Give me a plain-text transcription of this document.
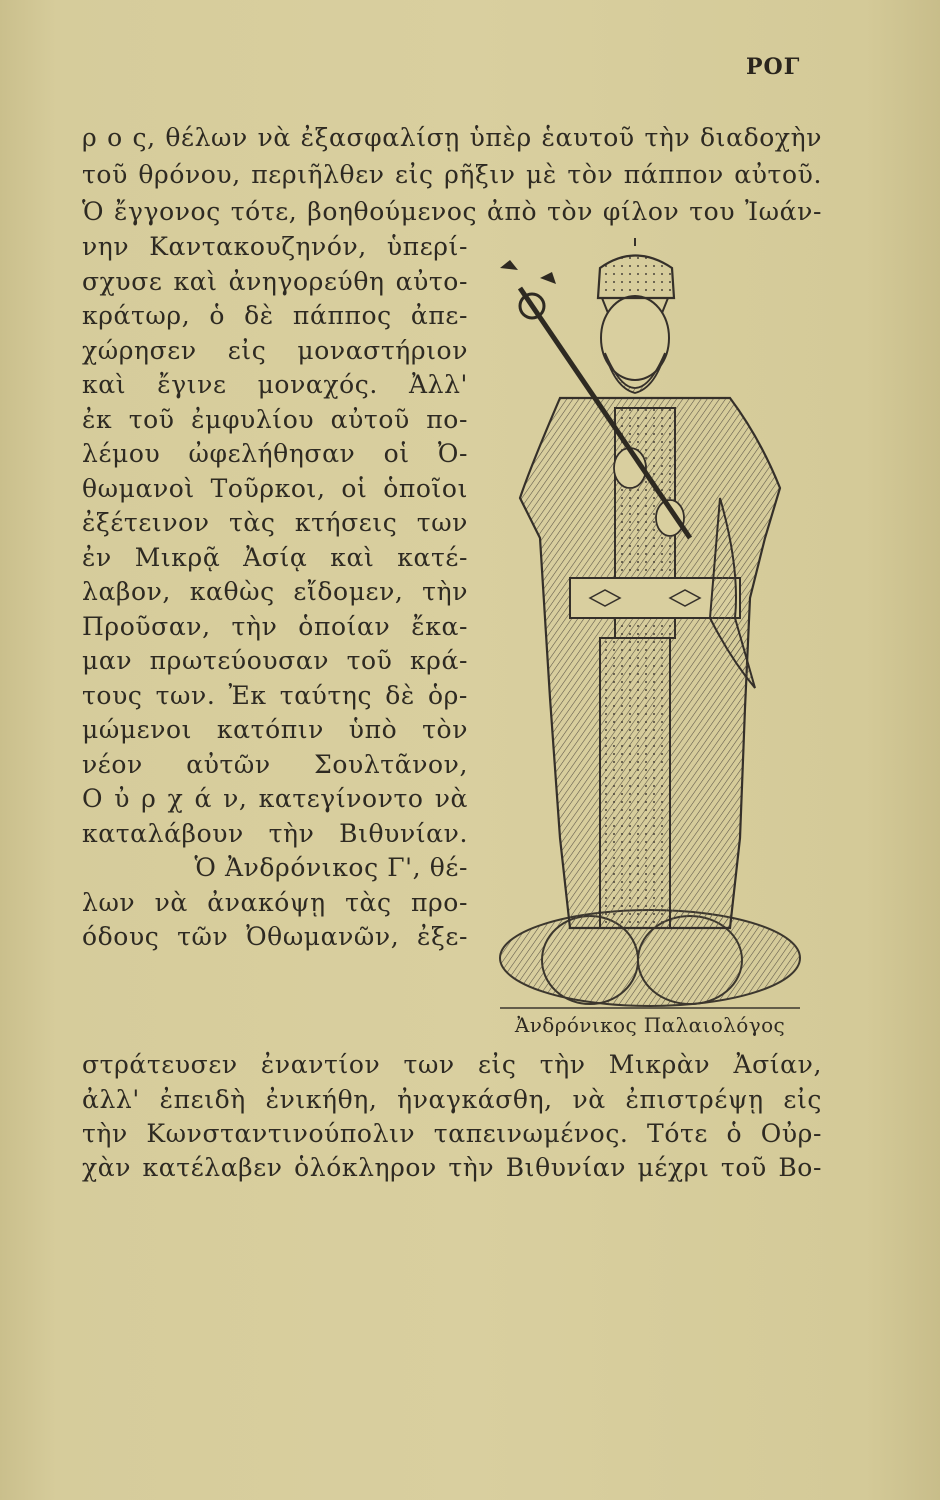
ΡΟΓ
ρ ο ς, θέλων νὰ ἐξασφαλίσῃ ὑπὲρ ἑαυτοῦ τὴν διαδοχὴν
τοῦ θρόνου, περιῆλθεν εἰς ρῆξιν μὲ τὸν πάππον αὐτοῦ.
Ὁ ἔγγονος τότε, βοηθούμενος ἀπὸ τὸν φίλον του Ἰωάν-
νην Καντακουζηνόν, ὑπερί-
σχυσε καὶ ἀνηγορεύθη αὐτο-
κράτωρ, ὁ δὲ πάππος ἀπε-
χώρησεν εἰς μοναστήριον
καὶ ἔγινε μοναχός. Ἀλλ'
ἐκ τοῦ ἐμφυλίου αὐτοῦ πο-
λέμου ὠφελήθησαν οἱ Ὀ-
θωμανοὶ Τοῦρκοι, οἱ ὁποῖοι
ἐξέτεινον τὰς κτήσεις των
ἐν Μικρᾷ Ἀσίᾳ καὶ κατέ-
λαβον, καθὼς εἴδομεν, τὴν
Προῦσαν, τὴν ὁποίαν ἔκα-
μαν πρωτεύουσαν τοῦ κρά-
τους των. Ἐκ ταύτης δὲ ὁρ-
μώμενοι κατόπιν ὑπὸ τὸν
νέον αὐτῶν Σουλτᾶνον,
Ο ὐ ρ χ ά ν, κατεγίνοντο νὰ
καταλάβουν τὴν Βιθυνίαν.
Ὁ Ἀνδρόνικος Γ', θέ-
λων νὰ ἀνακόψῃ τὰς προ-
όδους τῶν Ὀθωμανῶν, ἐξε-
Ἀνδρόνικος Παλαιολόγος
στράτευσεν ἐναντίον των εἰς τὴν Μικρὰν Ἀσίαν,
ἀλλ' ἐπειδὴ ἐνικήθη, ἠναγκάσθη, νὰ ἐπιστρέψῃ εἰς
τὴν Κωνσταντινούπολιν ταπεινωμένος. Τότε ὁ Οὐρ-
χὰν κατέλαβεν ὁλόκληρον τὴν Βιθυνίαν μέχρι τοῦ Βο-
